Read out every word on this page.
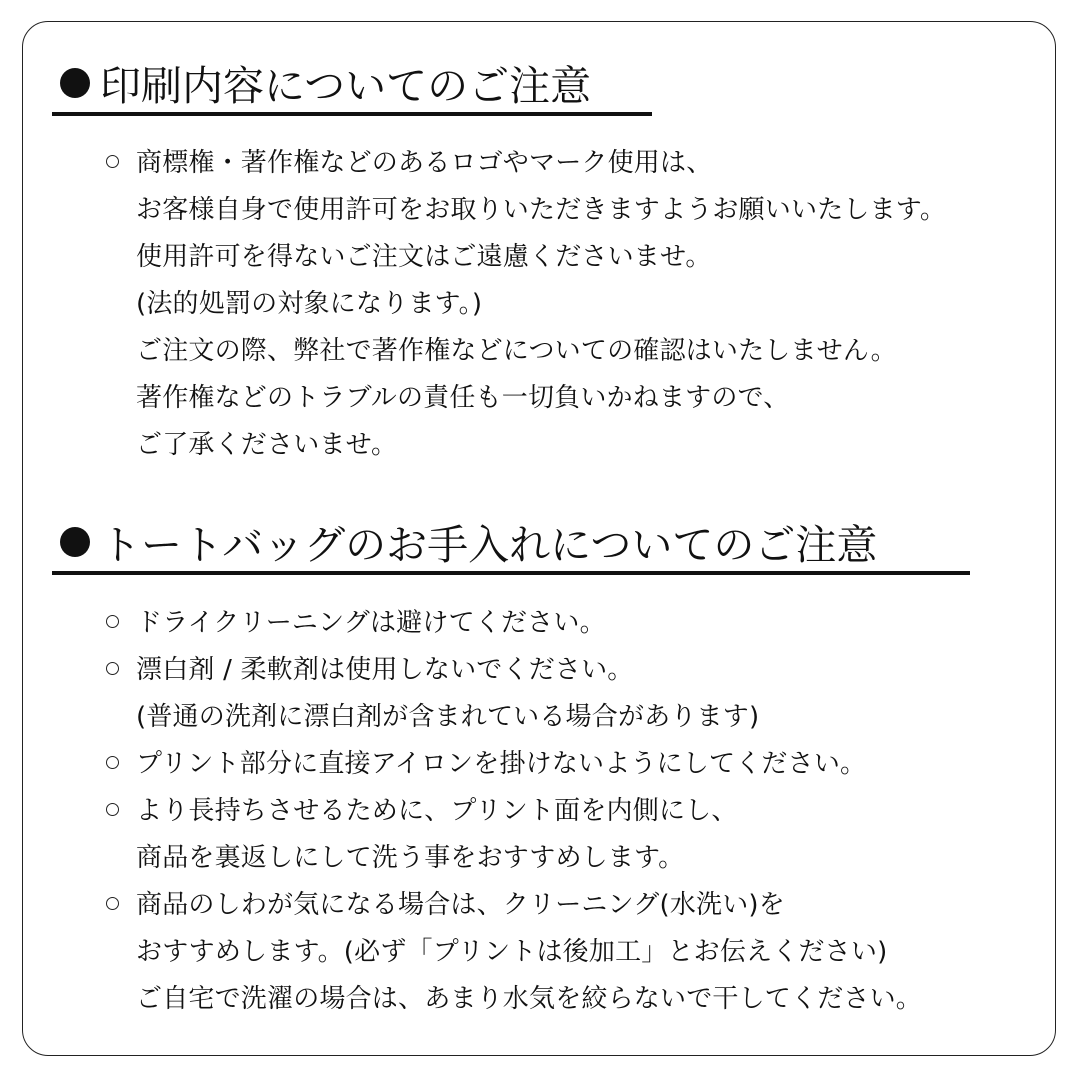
印刷内容についてのご注意
商標権・著作権などのあるロゴやマーク使用は、
お客様自身で使用許可をお取りいただきますようお願いいたします。
使用許可を得ないご注文はご遠慮くださいませ。
(法的処罰の対象になります。)
ご注文の際、弊社で著作権などについての確認はいたしません。
著作権などのトラブルの責任も一切負いかねますので、
ご了承くださいませ。
トートバッグのお手入れについてのご注意
ドライクリーニングは避けてください。
漂白剤 / 柔軟剤は使用しないでください。
(普通の洗剤に漂白剤が含まれている場合があります)
プリント部分に直接アイロンを掛けないようにしてください。
より長持ちさせるために、プリント面を内側にし、
商品を裏返しにして洗う事をおすすめします。
商品のしわが気になる場合は、クリーニング(水洗い)を
おすすめします。(必ず「プリントは後加工」とお伝えください)
ご自宅で洗濯の場合は、あまり水気を絞らないで干してください。
